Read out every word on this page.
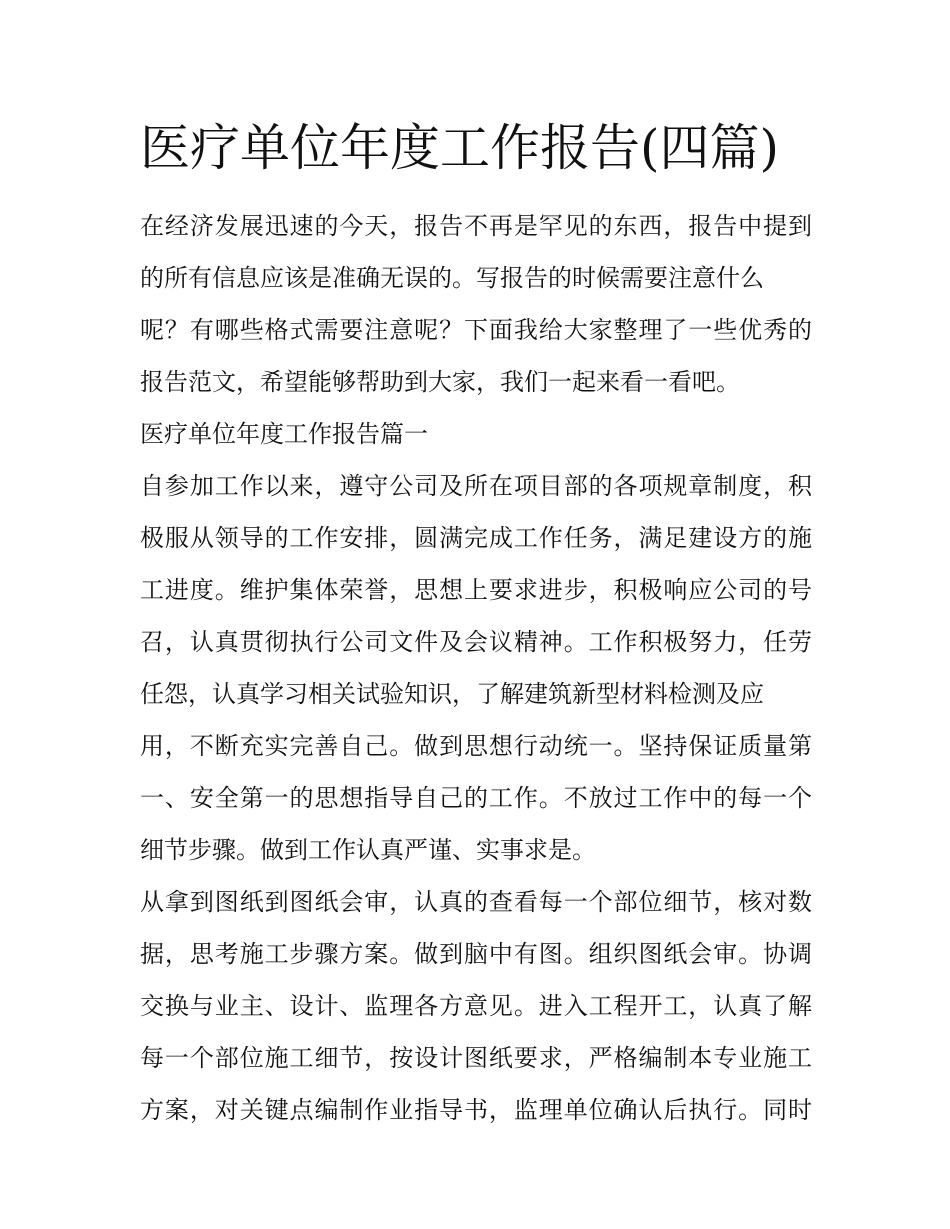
医疗单位年度工作报告(四篇)
在经济发展迅速的今天，报告不再是罕见的东西，报告中提到
的所有信息应该是准确无误的。写报告的时候需要注意什么
呢？有哪些格式需要注意呢？下面我给大家整理了一些优秀的
报告范文，希望能够帮助到大家，我们一起来看一看吧。
医疗单位年度工作报告篇一
自参加工作以来，遵守公司及所在项目部的各项规章制度，积
极服从领导的工作安排，圆满完成工作任务，满足建设方的施
工进度。维护集体荣誉，思想上要求进步，积极响应公司的号
召，认真贯彻执行公司文件及会议精神。工作积极努力，任劳
任怨，认真学习相关试验知识，了解建筑新型材料检测及应
用，不断充实完善自己。做到思想行动统一。坚持保证质量第
一、安全第一的思想指导自己的工作。不放过工作中的每一个
细节步骤。做到工作认真严谨、实事求是。
从拿到图纸到图纸会审，认真的查看每一个部位细节，核对数
据，思考施工步骤方案。做到脑中有图。组织图纸会审。协调
交换与业主、设计、监理各方意见。进入工程开工，认真了解
每一个部位施工细节，按设计图纸要求，严格编制本专业施工
方案，对关键点编制作业指导书，监理单位确认后执行。同时
